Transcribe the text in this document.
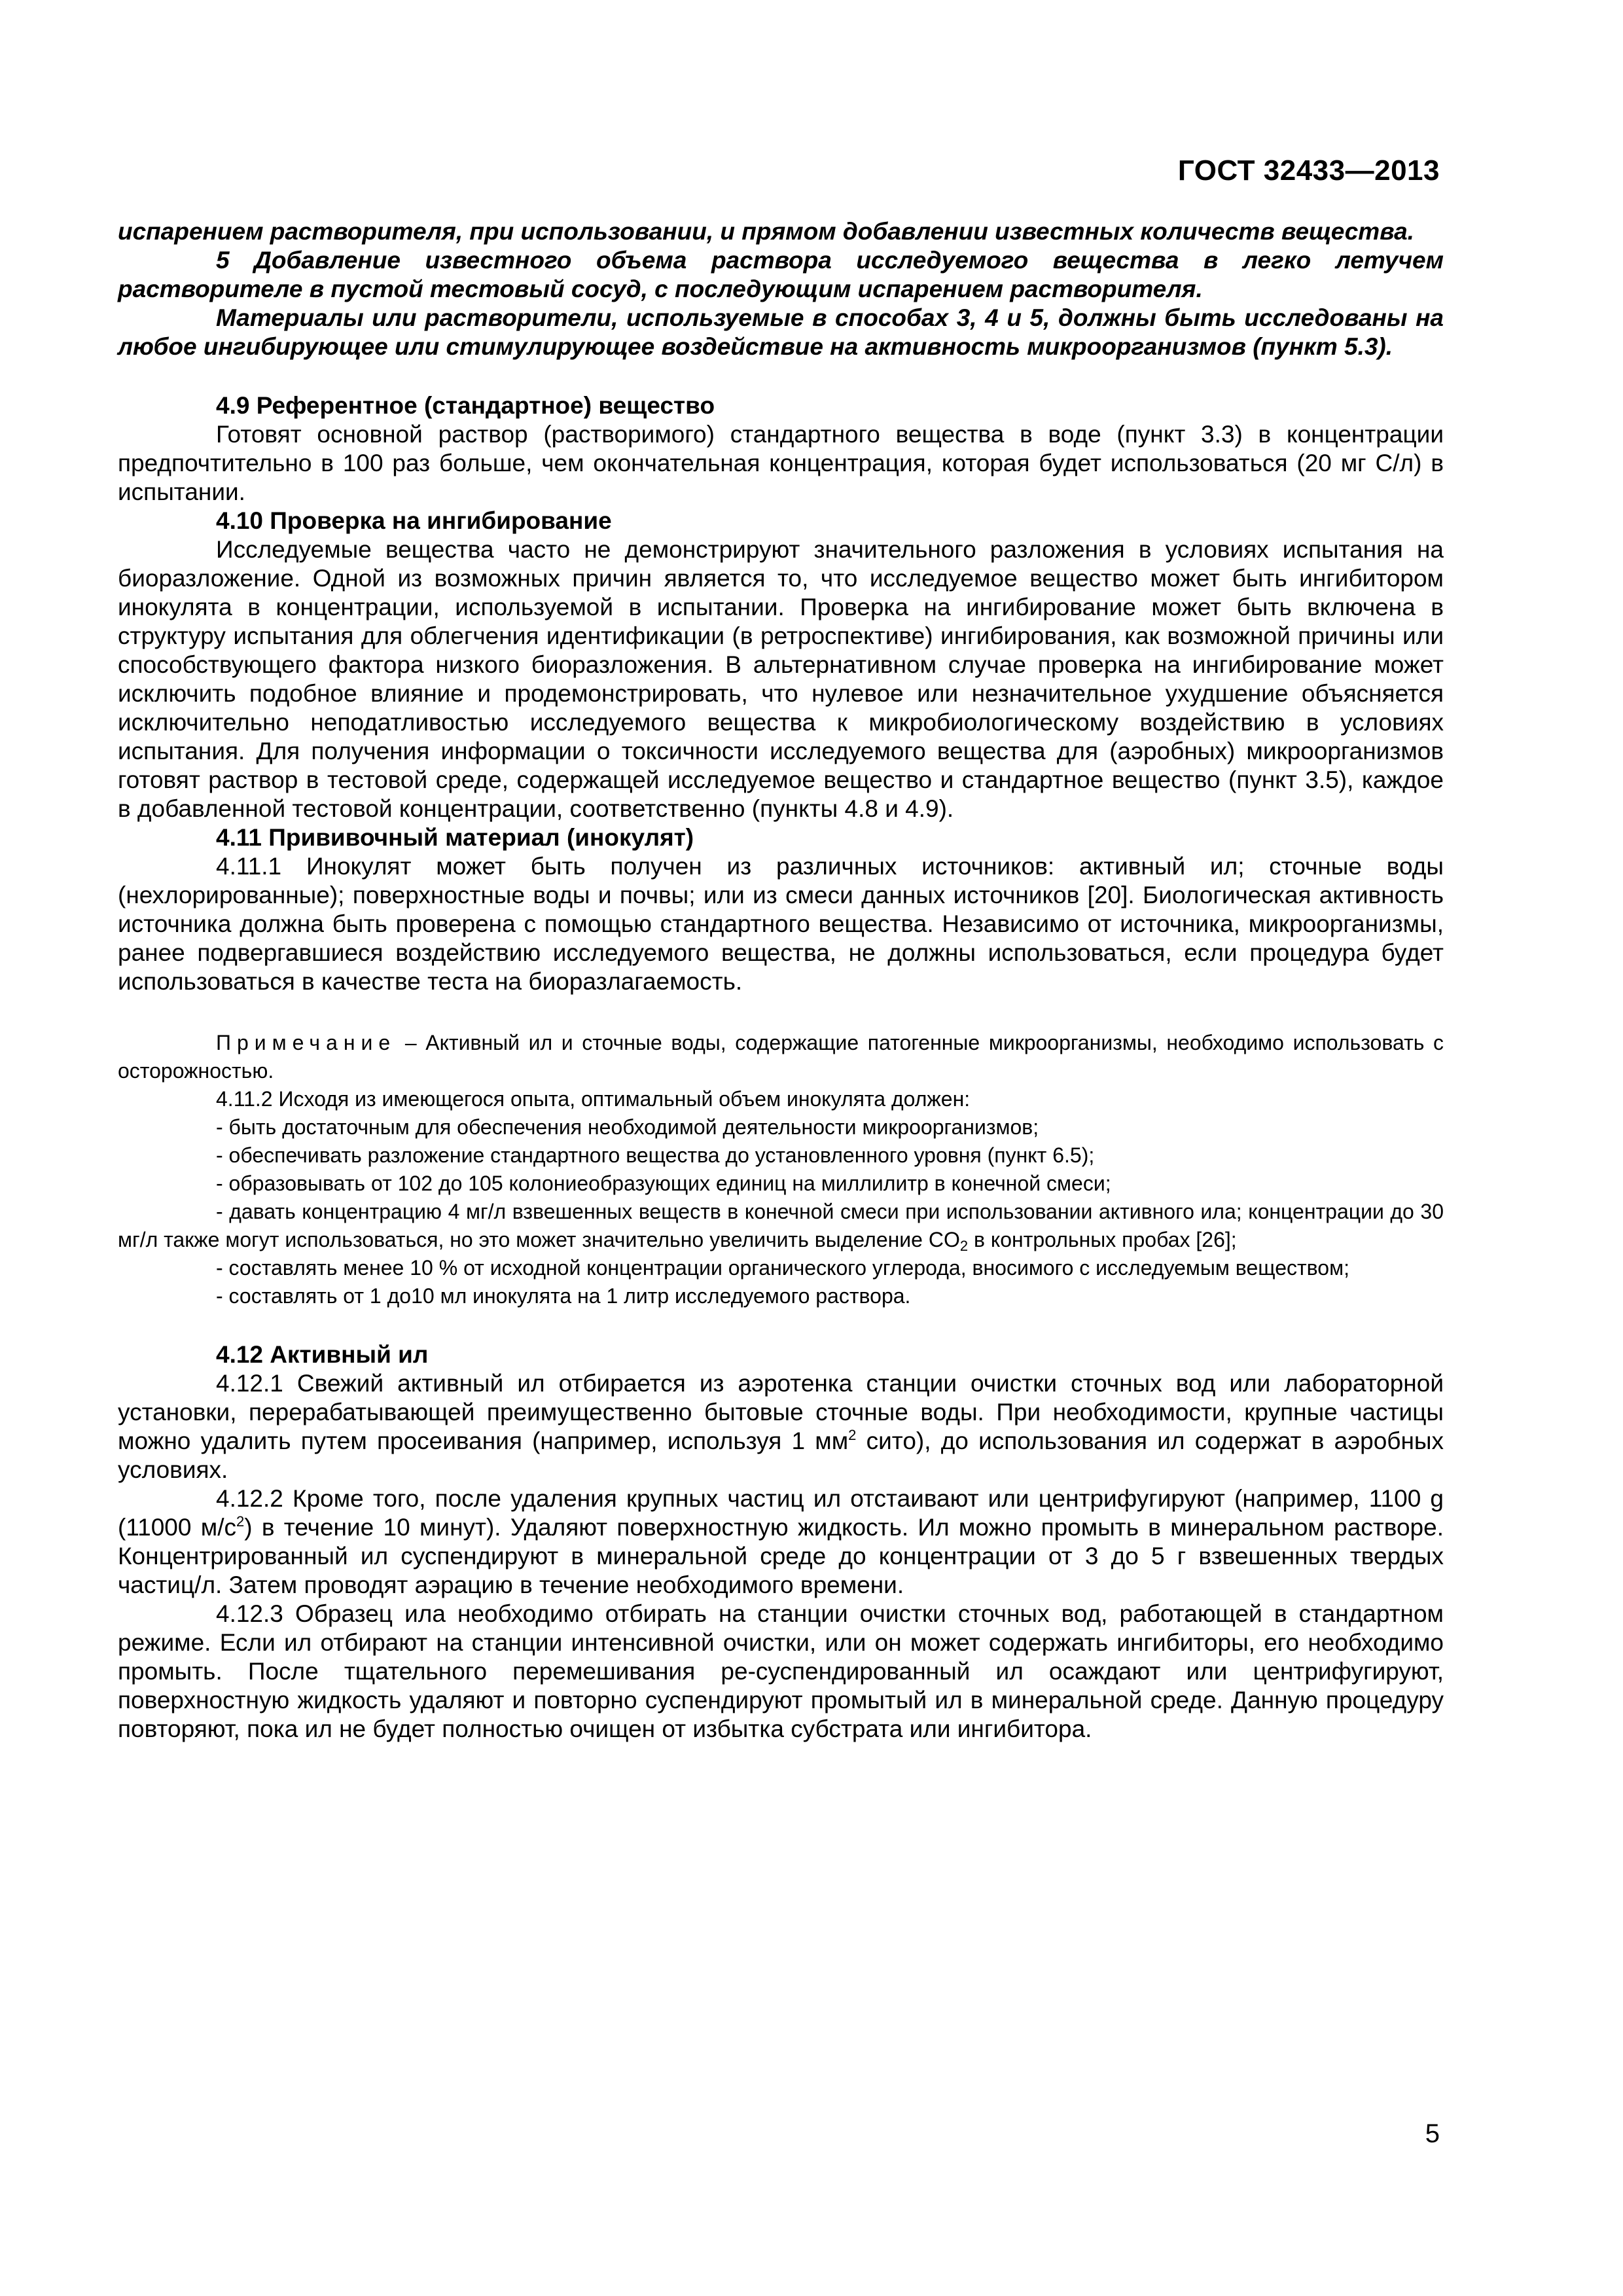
ГОСТ 32433—2013

испарением растворителя, при использовании, и прямом добавлении известных количеств вещества.

5 Добавление известного объема раствора исследуемого вещества в легко летучем растворителе в пустой тестовый сосуд, с последующим испарением растворителя.

Материалы или растворители, используемые в способах 3, 4 и 5, должны быть исследованы на любое ингибирующее или стимулирующее воздействие на активность микроорганизмов (пункт 5.3).

4.9 Референтное (стандартное) вещество

Готовят основной раствор (растворимого) стандартного вещества в воде (пункт 3.3) в концентрации предпочтительно в 100 раз больше, чем окончательная концентрация, которая будет использоваться (20 мг С/л) в испытании.

4.10 Проверка на ингибирование

Исследуемые вещества часто не демонстрируют значительного разложения в условиях испытания на биоразложение. Одной из возможных причин является то, что исследуемое вещество может быть ингибитором инокулята в концентрации, используемой в испытании. Проверка на ингибирование может быть включена в структуру испытания для облегчения идентификации (в ретроспективе) ингибирования, как возможной причины или способствующего фактора низкого биоразложения. В альтернативном случае проверка на ингибирование может исключить подобное влияние и продемонстрировать, что нулевое или незначительное ухудшение объясняется исключительно неподатливостью исследуемого вещества к микробиологическому воздействию в условиях испытания. Для получения информации о токсичности исследуемого вещества для (аэробных) микроорганизмов готовят раствор в тестовой среде, содержащей исследуемое вещество и стандартное вещество (пункт 3.5), каждое в добавленной тестовой концентрации, соответственно (пункты 4.8 и 4.9).

4.11 Прививочный материал (инокулят)

4.11.1 Инокулят может быть получен из различных источников: активный ил; сточные воды (нехлорированные); поверхностные воды и почвы; или из смеси данных источников [20]. Биологическая активность источника должна быть проверена с помощью стандартного вещества. Независимо от источника, микроорганизмы, ранее подвергавшиеся воздействию исследуемого вещества, не должны использоваться, если процедура будет использоваться в качестве теста на биоразлагаемость.

Примечание – Активный ил и сточные воды, содержащие патогенные микроорганизмы, необходимо использовать с осторожностью.

4.11.2 Исходя из имеющегося опыта, оптимальный объем инокулята должен:

- быть достаточным для обеспечения необходимой деятельности микроорганизмов;

- обеспечивать разложение стандартного вещества до установленного уровня (пункт 6.5);

- образовывать от 102 до 105 колониеобразующих единиц на миллилитр в конечной смеси;

- давать концентрацию 4 мг/л взвешенных веществ в конечной смеси при использовании активного ила; концентрации до 30 мг/л также могут использоваться, но это может значительно увеличить выделение $CO_2$ в контрольных пробах [26];

- составлять менее 10 % от исходной концентрации органического углерода, вносимого с исследуемым веществом;

- составлять от 1 до10 мл инокулята на 1 литр исследуемого раствора.

4.12 Активный ил

4.12.1 Свежий активный ил отбирается из аэротенка станции очистки сточных вод или лабораторной установки, перерабатывающей преимущественно бытовые сточные воды. При необходимости, крупные частицы можно удалить путем просеивания (например, используя 1 $мм^2$ сито), до использования ил содержат в аэробных условиях.

4.12.2 Кроме того, после удаления крупных частиц ил отстаивают или центрифугируют (например, 1100 g (11000 $м/с^2$) в течение 10 минут). Удаляют поверхностную жидкость. Ил можно промыть в минеральном растворе. Концентрированный ил суспендируют в минеральной среде до концентрации от 3 до 5 г взвешенных твердых частиц/л. Затем проводят аэрацию в течение необходимого времени.

4.12.3 Образец ила необходимо отбирать на станции очистки сточных вод, работающей в стандартном режиме. Если ил отбирают на станции интенсивной очистки, или он может содержать ингибиторы, его необходимо промыть. После тщательного перемешивания ре-суспендированный ил осаждают или центрифугируют, поверхностную жидкость удаляют и повторно суспендируют промытый ил в минеральной среде. Данную процедуру повторяют, пока ил не будет полностью очищен от избытка субстрата или ингибитора.

5
